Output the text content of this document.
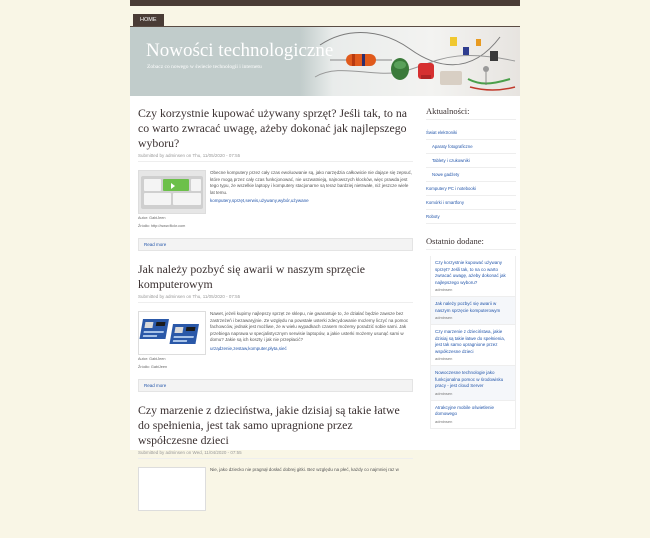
HOME
Nowości technologiczne
Zobacz co nowego w świecie technologii i internetu
Czy korzystnie kupować używany sprzęt? Jeśli tak, to na co warto zwracać uwagę, ażeby dokonać jak najlepszego wyboru?
Submitted by adminsen on Thu, 11/05/2020 - 07:55
Autor: GabiJeen
Źródło: http://www.flickr.com
Obecne komputery przez cały czas ewoluowanie są, jako narzędzia całkowicie nie dające się zepsuć, które mogą przez cały czas funkcjonować, nie uszwatnieją, najnowszych klocków, więc prawda jest tego typu, że wszelkie laptopy i komputery stacjonarne są teraz bardziej nietrwałe, niż jeszcze wiele lat temu.
komputery,sprzęt,serwis,używany,wybór,używane
Read more
Jak należy pozbyć się awarii w naszym sprzęcie komputerowym
Submitted by adminsen on Thu, 11/05/2020 - 07:55
Autor: GabiJeen
Źródło: GabiJeen
Nawet, jeżeli kupimy najlepszy sprzęt ze sklepu, nie gwarantuje to, że działać będzie zawsze bez zastrzeżeń i bezawaryjnie. Ze względu na powstałe usterki zdecydowanie możemy liczyć na pomoc fachowców, jednak jest możliwe, że w wielu wypadkach czasem możemy poradzić sobie sami. Jak przebiega naprawa w specjalistycznym serwisie laptopów, a jakie usterki możemy usunąć sami w domu? Jakie są ich koszty i jak nie przepłacić?
urządzenie,zestaw,komputer,płyta,sieć
Read more
Czy marzenie z dzieciństwa, jakie dzisiaj są takie łatwe do spełnienia, jest tak samo upragnione przez współczesne dzieci
Submitted by adminsen on Wed, 11/04/2020 - 07:55
Nie, jako dziecko nie pragnął dosłać dobrej gitki. Bez względu na płeć, każdy co najmniej raz w
Aktualności:
Świat elektroniki
Aparaty fotograficzne
Tablety i czukowniki
Nowe gadżety
Komputery PC i notebooki
Komórki i smartfony
Roboty
Ostatnio dodane:
Czy korzystnie kupować używany sprzęt? Jeśli tak, to na co warto zwracać uwagę, ażeby dokonać jak najlepszego wyboru?
adminsen
Jak należy pozbyć się awarii w naszym sprzęcie komputerowym
adminsen
Czy marzenie z dzieciństwa, jakie dzisiaj są takie łatwe do spełnienia, jest tak samo upragnione przez współczesne dzieci
adminsen
Nowoczesne technologie jako funkcjonalna pomoc w środowisku pracy - jest cloud Server
adminsen
Atrakcyjne mobile oświetlenie domowego
adminsen
